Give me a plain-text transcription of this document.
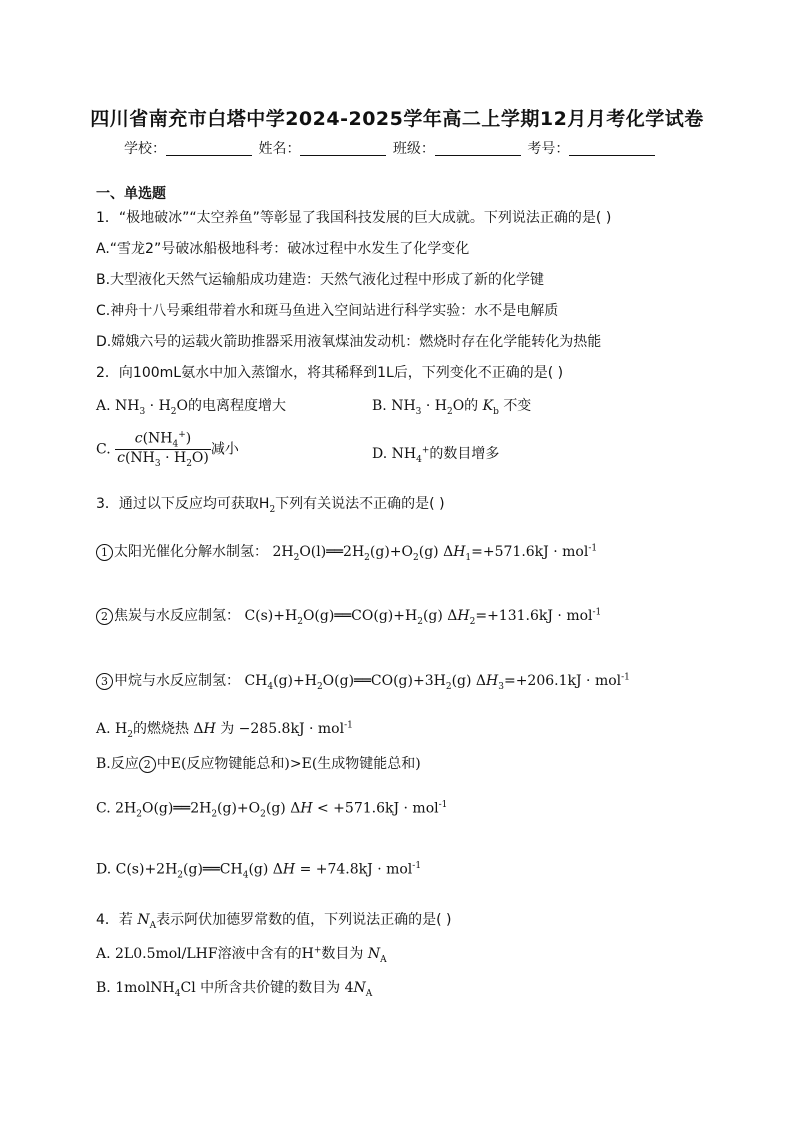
四川省南充市白塔中学2024-2025学年高二上学期12月月考化学试卷
学校：	姓名：	班级：	考号：
一、单选题
1．“极地破冰”“太空养鱼”等彰显了我国科技发展的巨大成就。下列说法正确的是( )
A.“雪龙2”号破冰船极地科考：破冰过程中水发生了化学变化
B.大型液化天然气运输船成功建造：天然气液化过程中形成了新的化学键
C.神舟十八号乘组带着水和斑马鱼进入空间站进行科学实验：水不是电解质
D.嫦娥六号的运载火箭助推器采用液氧煤油发动机：燃烧时存在化学能转化为热能
2．向100mL氨水中加入蒸馏水，将其稀释到1L后，下列变化不正确的是( )
A. $NH_3 \cdot H_2O$的电离程度增大	B. $NH_3 \cdot H_2O$的 $K_b$ 不变
C. $\frac{c(NH_4^+)}{c(NH_3 \cdot H_2O)}$ 减小	D. $NH_4^+$的数目增多
3．通过以下反应均可获取$H_2$下列有关说法不正确的是( )
1 太阳光催化分解水制氢： $2H_2O(l)══2H_2(g)+O_2(g) \Delta H_1=+571.6kJ \cdot mol^{-1}$
2 焦炭与水反应制氢： $C(s)+H_2O(g)══CO(g)+H_2(g) \Delta H_2=+131.6kJ \cdot mol^{-1}$
3 甲烷与水反应制氢： $CH_4(g)+H_2O(g)══CO(g)+3H_2(g) \Delta H_3=+206.1kJ \cdot mol^{-1}$
A. $H_2$的燃烧热 ΔH 为 −285.8kJ · mol$^{-1}$
B.反应 2 中E(反应物键能总和)>E(生成物键能总和)
C. $2H_2O(g)══2H_2(g)+O_2(g) \Delta H < +571.6kJ \cdot mol^{-1}$
D. $C(s)+2H_2(g)══CH_4(g) \Delta H = +74.8kJ \cdot mol^{-1}$
4．若 $N_A$表示阿伏加德罗常数的值，下列说法正确的是( )
A. 2L0.5mol/LHF溶液中含有的H+数目为 $N_A$
B. 1molNH$_4$Cl 中所含共价键的数目为 $4N_A$
